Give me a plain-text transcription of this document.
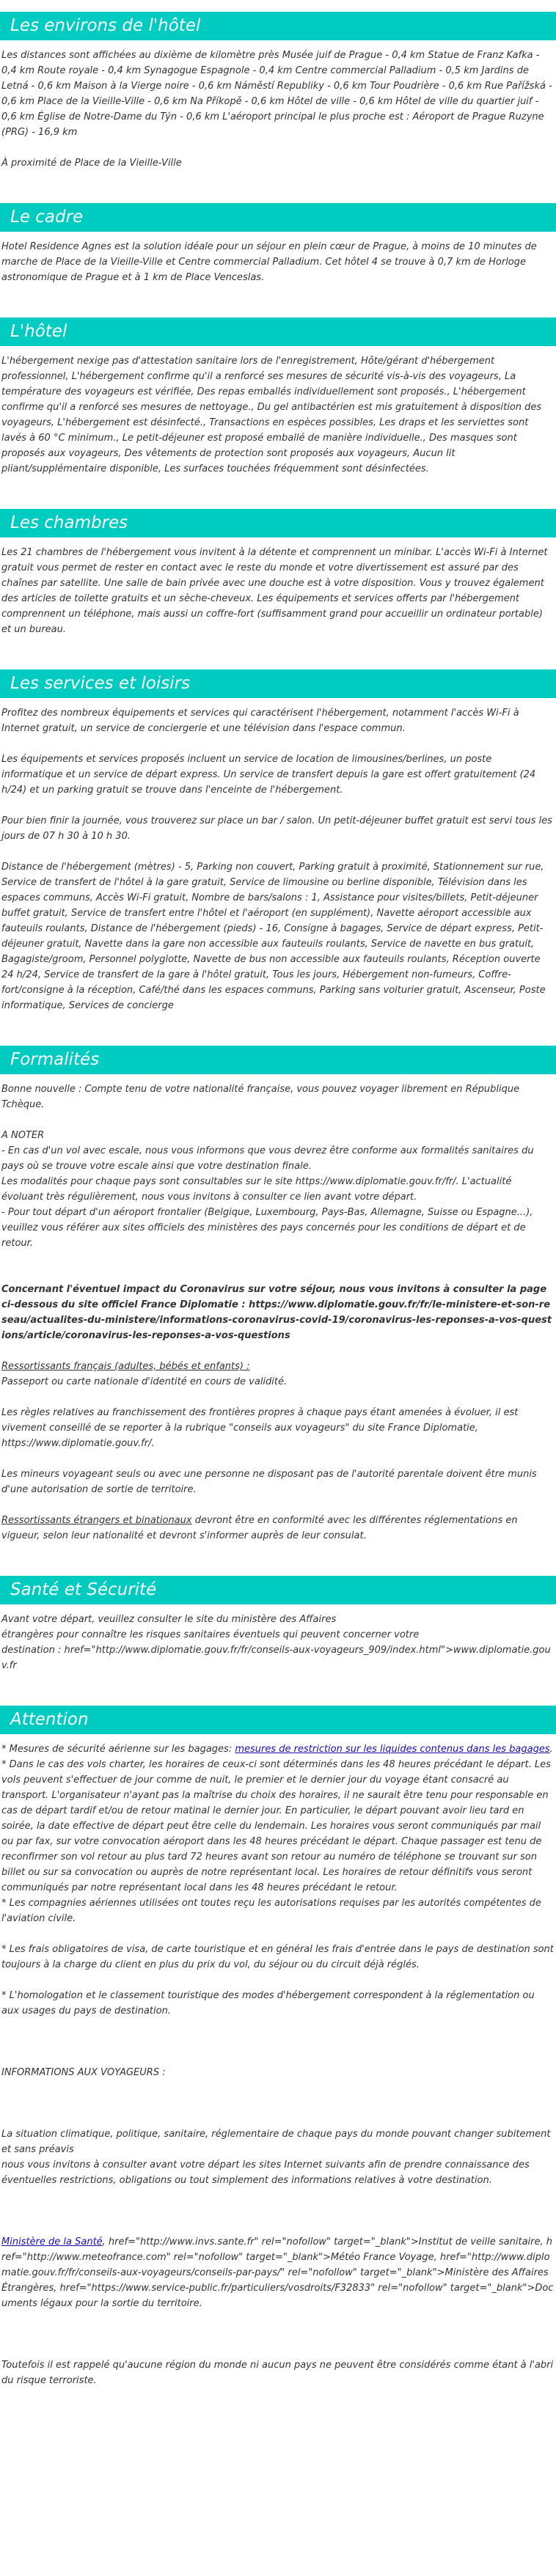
Les environs de l'hôtel

Les distances sont affichées au dixième de kilomètre près Musée juif de Prague - 0,4 km Statue de Franz Kafka - 0,4 km Route royale - 0,4 km Synagogue Espagnole - 0,4 km Centre commercial Palladium - 0,5 km Jardins de Letná - 0,6 km Maison à la Vierge noire - 0,6 km Náměstí Republiky - 0,6 km Tour Poudrière - 0,6 km Rue Pařížská - 0,6 km Place de la Vieille-Ville - 0,6 km Na Příkopě - 0,6 km Hôtel de ville - 0,6 km Hôtel de ville du quartier juif - 0,6 km Église de Notre-Dame du Týn - 0,6 km L'aéroport principal le plus proche est : Aéroport de Prague Ruzyne (PRG) - 16,9 km

À proximité de Place de la Vieille-Ville

Le cadre

Hotel Residence Agnes est la solution idéale pour un séjour en plein cœur de Prague, à moins de 10 minutes de marche de Place de la Vieille-Ville et Centre commercial Palladium. Cet hôtel 4 se trouve à 0,7 km de Horloge astronomique de Prague et à 1 km de Place Venceslas.

L'hôtel

L'hébergement nexige pas d'attestation sanitaire lors de l'enregistrement, Hôte/gérant d'hébergement professionnel, L'hébergement confirme qu'il a renforcé ses mesures de sécurité vis-à-vis des voyageurs, La température des voyageurs est vérifiée, Des repas emballés individuellement sont proposés., L'hébergement confirme qu'il a renforcé ses mesures de nettoyage., Du gel antibactérien est mis gratuitement à disposition des voyageurs, L'hébergement est désinfecté., Transactions en espèces possibles, Les draps et les serviettes sont lavés à 60 °C minimum., Le petit-déjeuner est proposé emballé de manière individuelle., Des masques sont proposés aux voyageurs, Des vêtements de protection sont proposés aux voyageurs, Aucun lit pliant/supplémentaire disponible, Les surfaces touchées fréquemment sont désinfectées.

Les chambres

Les 21 chambres de l'hébergement vous invitent à la détente et comprennent un minibar. L'accès Wi-Fi à Internet gratuit vous permet de rester en contact avec le reste du monde et votre divertissement est assuré par des chaînes par satellite. Une salle de bain privée avec une douche est à votre disposition. Vous y trouvez également des articles de toilette gratuits et un sèche-cheveux. Les équipements et services offerts par l'hébergement comprennent un téléphone, mais aussi un coffre-fort (suffisamment grand pour accueillir un ordinateur portable) et un bureau.

Les services et loisirs

Profitez des nombreux équipements et services qui caractérisent l'hébergement, notamment l'accès Wi-Fi à Internet gratuit, un service de conciergerie et une télévision dans l'espace commun.

Les équipements et services proposés incluent un service de location de limousines/berlines, un poste informatique et un service de départ express. Un service de transfert depuis la gare est offert gratuitement (24 h/24) et un parking gratuit se trouve dans l'enceinte de l'hébergement.

Pour bien finir la journée, vous trouverez sur place un bar / salon. Un petit-déjeuner buffet gratuit est servi tous les jours de 07 h 30 à 10 h 30.

Distance de l'hébergement (mètres) - 5, Parking non couvert, Parking gratuit à proximité, Stationnement sur rue, Service de transfert de l'hôtel à la gare gratuit, Service de limousine ou berline disponible, Télévision dans les espaces communs, Accès Wi-Fi gratuit, Nombre de bars/salons : 1, Assistance pour visites/billets, Petit-déjeuner buffet gratuit, Service de transfert entre l'hôtel et l'aéroport (en supplément), Navette aéroport accessible aux fauteuils roulants, Distance de l'hébergement (pieds) - 16, Consigne à bagages, Service de départ express, Petit-déjeuner gratuit, Navette dans la gare non accessible aux fauteuils roulants, Service de navette en bus gratuit, Bagagiste/groom, Personnel polyglotte, Navette de bus non accessible aux fauteuils roulants, Réception ouverte 24 h/24, Service de transfert de la gare à l'hôtel gratuit, Tous les jours, Hébergement non-fumeurs, Coffre-fort/consigne à la réception, Café/thé dans les espaces communs, Parking sans voiturier gratuit, Ascenseur, Poste informatique, Services de concierge

Formalités

Bonne nouvelle : Compte tenu de votre nationalité française, vous pouvez voyager librement en République Tchèque.

A NOTER

- En cas d'un vol avec escale, nous vous informons que vous devrez être conforme aux formalités sanitaires du pays où se trouve votre escale ainsi que votre destination finale.

Les modalités pour chaque pays sont consultables sur le site https://www.diplomatie.gouv.fr/fr/. L'actualité évoluant très régulièrement, nous vous invitons à consulter ce lien avant votre départ.

- Pour tout départ d'un aéroport frontalier (Belgique, Luxembourg, Pays-Bas, Allemagne, Suisse ou Espagne...), veuillez vous référer aux sites officiels des ministères des pays concernés pour les conditions de départ et de retour.

Concernant l'éventuel impact du Coronavirus sur votre séjour, nous vous invitons à consulter la page ci-dessous du site officiel France Diplomatie : https://www.diplomatie.gouv.fr/fr/le-ministere-et-son-reseau/actualites-du-ministere/informations-coronavirus-covid-19/coronavirus-les-reponses-a-vos-questions/article/coronavirus-les-reponses-a-vos-questions

Ressortissants français (adultes, bébés et enfants) :

Passeport ou carte nationale d'identité en cours de validité.

Les règles relatives au franchissement des frontières propres à chaque pays étant amenées à évoluer, il est vivement conseillé de se reporter à la rubrique "conseils aux voyageurs" du site France Diplomatie, https://www.diplomatie.gouv.fr/.

Les mineurs voyageant seuls ou avec une personne ne disposant pas de l'autorité parentale doivent être munis d'une autorisation de sortie de territoire.

Ressortissants étrangers et binationaux devront être en conformité avec les différentes réglementations en vigueur, selon leur nationalité et devront s'informer auprès de leur consulat.

Santé et Sécurité

Avant votre départ, veuillez consulter le site du ministère des Affaires

étrangères pour connaître les risques sanitaires éventuels qui peuvent concerner votre

destination : href="http://www.diplomatie.gouv.fr/fr/conseils-aux-voyageurs_909/index.html">www.diplomatie.gouv.fr

Attention

* Mesures de sécurité aérienne sur les bagages: mesures de restriction sur les liquides contenus dans les bagages.

* Dans le cas des vols charter, les horaires de ceux-ci sont déterminés dans les 48 heures précédant le départ. Les vols peuvent s'effectuer de jour comme de nuit, le premier et le dernier jour du voyage étant consacré au transport. L'organisateur n'ayant pas la maîtrise du choix des horaires, il ne saurait être tenu pour responsable en cas de départ tardif et/ou de retour matinal le dernier jour. En particulier, le départ pouvant avoir lieu tard en soirée, la date effective de départ peut être celle du lendemain. Les horaires vous seront communiqués par mail ou par fax, sur votre convocation aéroport dans les 48 heures précédant le départ. Chaque passager est tenu de reconfirmer son vol retour au plus tard 72 heures avant son retour au numéro de téléphone se trouvant sur son billet ou sur sa convocation ou auprès de notre représentant local. Les horaires de retour définitifs vous seront communiqués par notre représentant local dans les 48 heures précédant le retour.

* Les compagnies aériennes utilisées ont toutes reçu les autorisations requises par les autorités compétentes de l'aviation civile.

* Les frais obligatoires de visa, de carte touristique et en général les frais d'entrée dans le pays de destination sont toujours à la charge du client en plus du prix du vol, du séjour ou du circuit déjà réglés.

* L'homologation et le classement touristique des modes d'hébergement correspondent à la réglementation ou aux usages du pays de destination.

INFORMATIONS AUX VOYAGEURS :

La situation climatique, politique, sanitaire, réglementaire de chaque pays du monde pouvant changer subitement et sans préavis

nous vous invitons à consulter avant votre départ les sites Internet suivants afin de prendre connaissance des éventuelles restrictions, obligations ou tout simplement des informations relatives à votre destination.

Ministère de la Santé, href="http://www.invs.sante.fr" rel="nofollow" target="_blank">Institut de veille sanitaire, href="http://www.meteofrance.com" rel="nofollow" target="_blank">Météo France Voyage, href="http://www.diplomatie.gouv.fr/fr/conseils-aux-voyageurs/conseils-par-pays/" rel="nofollow" target="_blank">Ministère des Affaires Étrangères, href="https://www.service-public.fr/particuliers/vosdroits/F32833" rel="nofollow" target="_blank">Documents légaux pour la sortie du territoire.

Toutefois il est rappelé qu'aucune région du monde ni aucun pays ne peuvent être considérés comme étant à l'abri du risque terroriste.
